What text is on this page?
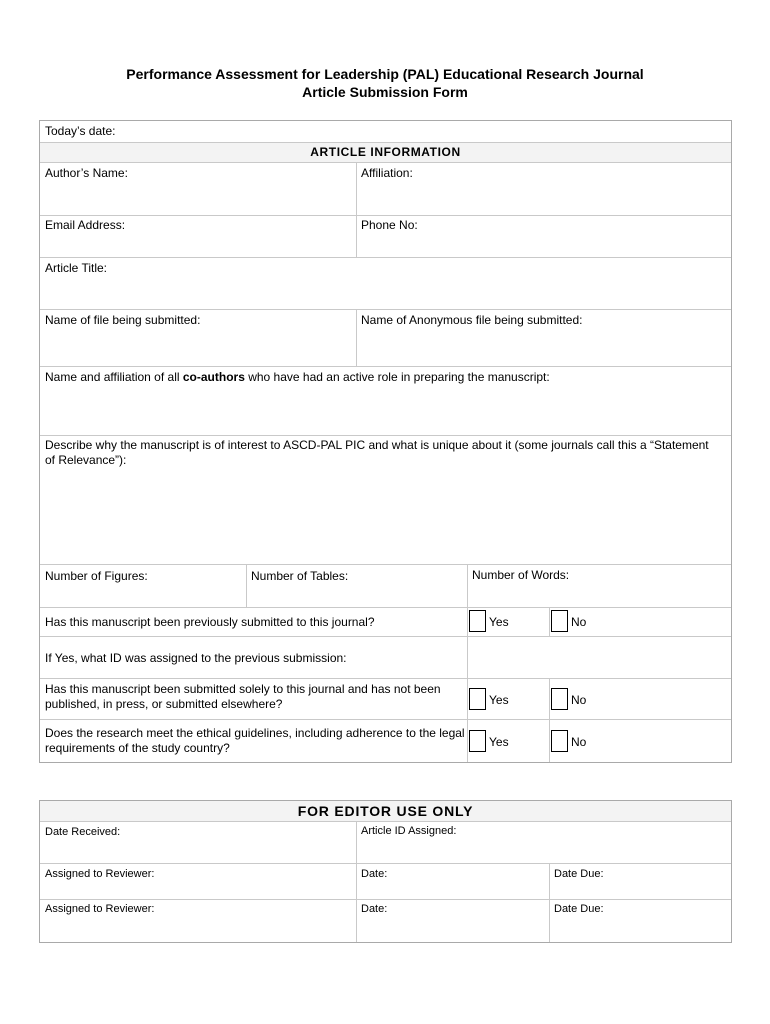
Performance Assessment for Leadership (PAL) Educational Research Journal
Article Submission Form
Today’s date:
ARTICLE INFORMATION
Author’s Name:	Affiliation:
Email Address:	Phone No:
Article Title:
Name of file being submitted:	Name of Anonymous file being submitted:
Name and affiliation of all co-authors who have had an active role in preparing the manuscript:
Describe why the manuscript is of interest to ASCD-PAL PIC and what is unique about it (some journals call this a “Statement of Relevance”):
Number of Figures:	Number of Tables:	Number of Words:
Has this manuscript been previously submitted to this journal?	Yes	No
If Yes, what ID was assigned to the previous submission:
Has this manuscript been submitted solely to this journal and has not been published, in press, or submitted elsewhere?	Yes	No
Does the research meet the ethical guidelines, including adherence to the legal requirements of the study country?	Yes	No
FOR EDITOR USE ONLY
Date Received:	Article ID Assigned:
Assigned to Reviewer:	Date:	Date Due:
Assigned to Reviewer:	Date:	Date Due:
